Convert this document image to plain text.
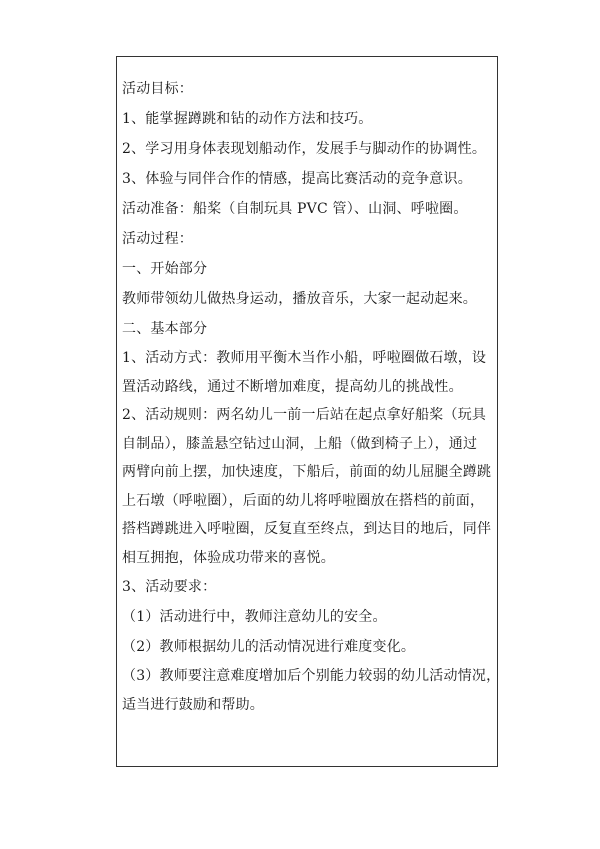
活动目标：

1、能掌握蹲跳和钻的动作方法和技巧。

2、学习用身体表现划船动作，发展手与脚动作的协调性。

3、体验与同伴合作的情感，提高比赛活动的竞争意识。

活动准备：船桨（自制玩具 PVC 管）、山洞、呼啦圈。

活动过程：

一、开始部分

教师带领幼儿做热身运动，播放音乐，大家一起动起来。

二、基本部分

1、活动方式：教师用平衡木当作小船，呼啦圈做石墩，设

置活动路线，通过不断增加难度，提高幼儿的挑战性。

2、活动规则：两名幼儿一前一后站在起点拿好船桨（玩具

自制品），膝盖悬空钻过山洞，上船（做到椅子上），通过

两臂向前上摆，加快速度，下船后，前面的幼儿屈腿全蹲跳

上石墩（呼啦圈），后面的幼儿将呼啦圈放在搭档的前面，

搭档蹲跳进入呼啦圈，反复直至终点，到达目的地后，同伴

相互拥抱，体验成功带来的喜悦。

3、活动要求：

（1）活动进行中，教师注意幼儿的安全。

（2）教师根据幼儿的活动情况进行难度变化。

（3）教师要注意难度增加后个别能力较弱的幼儿活动情况，

适当进行鼓励和帮助。
